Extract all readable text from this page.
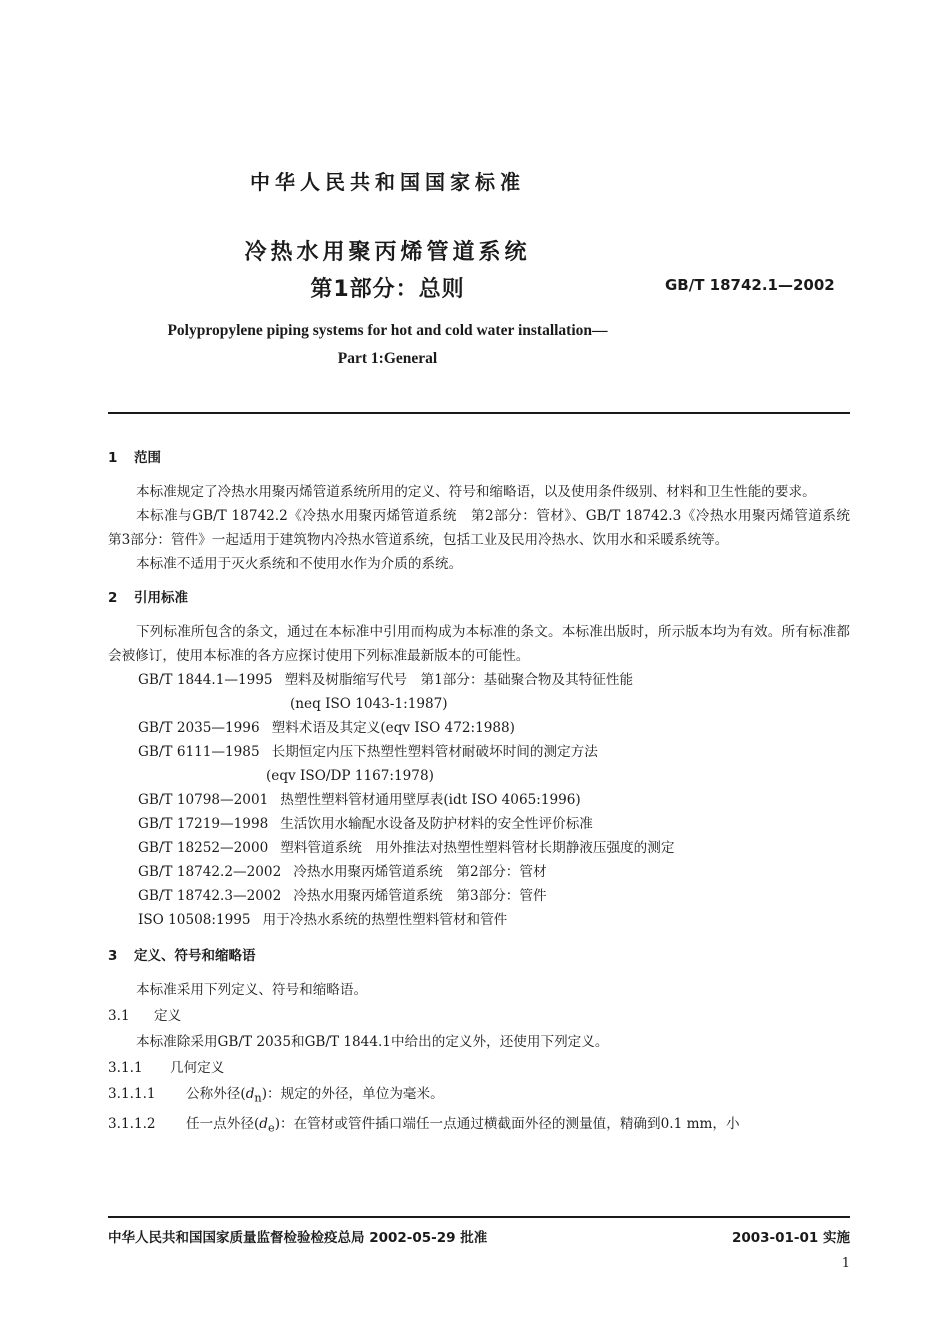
中华人民共和国国家标准
冷热水用聚丙烯管道系统
第1部分：总则	GB/T 18742.1—2002
Polypropylene piping systems for hot and cold water installation—
Part 1:General
1 范围

本标准规定了冷热水用聚丙烯管道系统所用的定义、符号和缩略语，以及使用条件级别、材料和卫生性能的要求。

本标准与GB/T 18742.2《冷热水用聚丙烯管道系统　第2部分：管材》、GB/T 18742.3《冷热水用聚丙烯管道系统　第3部分：管件》一起适用于建筑物内冷热水管道系统，包括工业及民用冷热水、饮用水和采暖系统等。

本标准不适用于灭火系统和不使用水作为介质的系统。

2 引用标准

下列标准所包含的条文，通过在本标准中引用而构成为本标准的条文。本标准出版时，所示版本均为有效。所有标准都会被修订，使用本标准的各方应探讨使用下列标准最新版本的可能性。

GB/T 1844.1—1995 塑料及树脂缩写代号　第1部分：基础聚合物及其特征性能

(neq ISO 1043-1:1987)

GB/T 2035—1996 塑料术语及其定义(eqv ISO 472:1988)

GB/T 6111—1985 长期恒定内压下热塑性塑料管材耐破坏时间的测定方法

(eqv ISO/DP 1167:1978)

GB/T 10798—2001 热塑性塑料管材通用壁厚表(idt ISO 4065:1996)

GB/T 17219—1998 生活饮用水输配水设备及防护材料的安全性评价标准

GB/T 18252—2000 塑料管道系统　用外推法对热塑性塑料管材长期静液压强度的测定

GB/T 18742.2—2002 冷热水用聚丙烯管道系统　第2部分：管材

GB/T 18742.3—2002 冷热水用聚丙烯管道系统　第3部分：管件

ISO 10508:1995 用于冷热水系统的热塑性塑料管材和管件

3 定义、符号和缩略语

本标准采用下列定义、符号和缩略语。

3.1 定义

本标准除采用GB/T 2035和GB/T 1844.1中给出的定义外，还使用下列定义。

3.1.1 几何定义
3.1.1.1 公称外径$(d_n)$：规定的外径，单位为毫米。
3.1.1.2 任一点外径$(d_e)$：在管材或管件插口端任一点通过横截面外径的测量值，精确到0.1 mm，小
中华人民共和国国家质量监督检验检疫总局 2002-05-29 批准	2003-01-01 实施
1
